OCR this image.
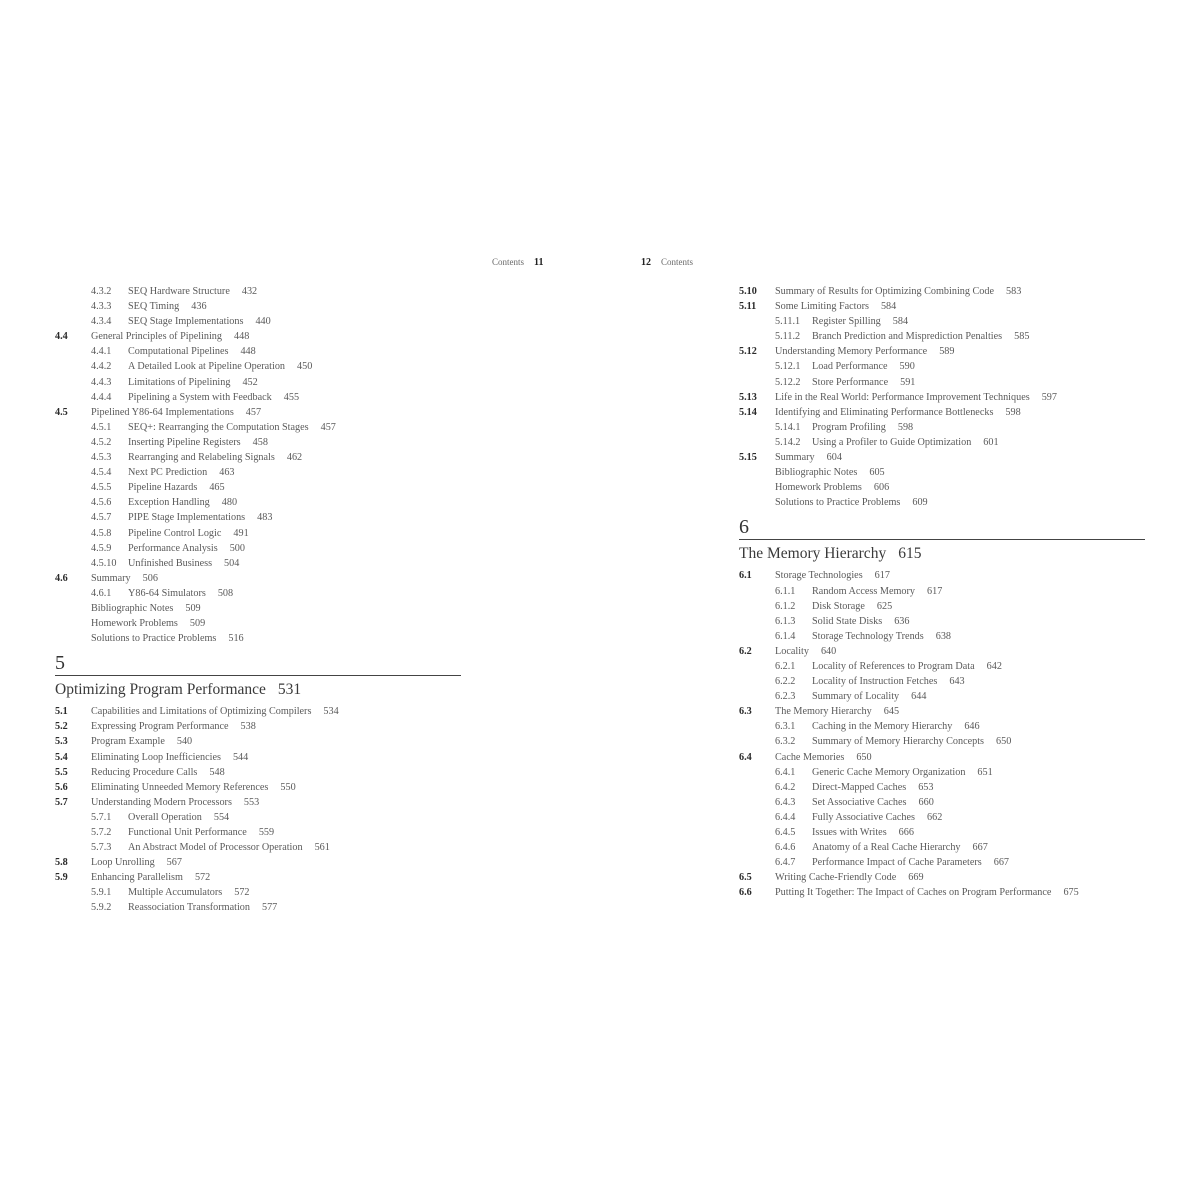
Contents 11	12 Contents
4.3.2 SEQ Hardware Structure 432
4.3.3 SEQ Timing 436
4.3.4 SEQ Stage Implementations 440
4.4 General Principles of Pipelining 448
4.4.1 Computational Pipelines 448
4.4.2 A Detailed Look at Pipeline Operation 450
4.4.3 Limitations of Pipelining 452
4.4.4 Pipelining a System with Feedback 455
4.5 Pipelined Y86-64 Implementations 457
4.5.1 SEQ+: Rearranging the Computation Stages 457
4.5.2 Inserting Pipeline Registers 458
4.5.3 Rearranging and Relabeling Signals 462
4.5.4 Next PC Prediction 463
4.5.5 Pipeline Hazards 465
4.5.6 Exception Handling 480
4.5.7 PIPE Stage Implementations 483
4.5.8 Pipeline Control Logic 491
4.5.9 Performance Analysis 500
4.5.10 Unfinished Business 504
4.6 Summary 506
4.6.1 Y86-64 Simulators 508
Bibliographic Notes 509
Homework Problems 509
Solutions to Practice Problems 516
5
Optimizing Program Performance 531
5.1 Capabilities and Limitations of Optimizing Compilers 534
5.2 Expressing Program Performance 538
5.3 Program Example 540
5.4 Eliminating Loop Inefficiencies 544
5.5 Reducing Procedure Calls 548
5.6 Eliminating Unneeded Memory References 550
5.7 Understanding Modern Processors 553
5.7.1 Overall Operation 554
5.7.2 Functional Unit Performance 559
5.7.3 An Abstract Model of Processor Operation 561
5.8 Loop Unrolling 567
5.9 Enhancing Parallelism 572
5.9.1 Multiple Accumulators 572
5.9.2 Reassociation Transformation 577
5.10 Summary of Results for Optimizing Combining Code 583
5.11 Some Limiting Factors 584
5.11.1 Register Spilling 584
5.11.2 Branch Prediction and Misprediction Penalties 585
5.12 Understanding Memory Performance 589
5.12.1 Load Performance 590
5.12.2 Store Performance 591
5.13 Life in the Real World: Performance Improvement Techniques 597
5.14 Identifying and Eliminating Performance Bottlenecks 598
5.14.1 Program Profiling 598
5.14.2 Using a Profiler to Guide Optimization 601
5.15 Summary 604
Bibliographic Notes 605
Homework Problems 606
Solutions to Practice Problems 609
6
The Memory Hierarchy 615
6.1 Storage Technologies 617
6.1.1 Random Access Memory 617
6.1.2 Disk Storage 625
6.1.3 Solid State Disks 636
6.1.4 Storage Technology Trends 638
6.2 Locality 640
6.2.1 Locality of References to Program Data 642
6.2.2 Locality of Instruction Fetches 643
6.2.3 Summary of Locality 644
6.3 The Memory Hierarchy 645
6.3.1 Caching in the Memory Hierarchy 646
6.3.2 Summary of Memory Hierarchy Concepts 650
6.4 Cache Memories 650
6.4.1 Generic Cache Memory Organization 651
6.4.2 Direct-Mapped Caches 653
6.4.3 Set Associative Caches 660
6.4.4 Fully Associative Caches 662
6.4.5 Issues with Writes 666
6.4.6 Anatomy of a Real Cache Hierarchy 667
6.4.7 Performance Impact of Cache Parameters 667
6.5 Writing Cache-Friendly Code 669
6.6 Putting It Together: The Impact of Caches on Program Performance 675
